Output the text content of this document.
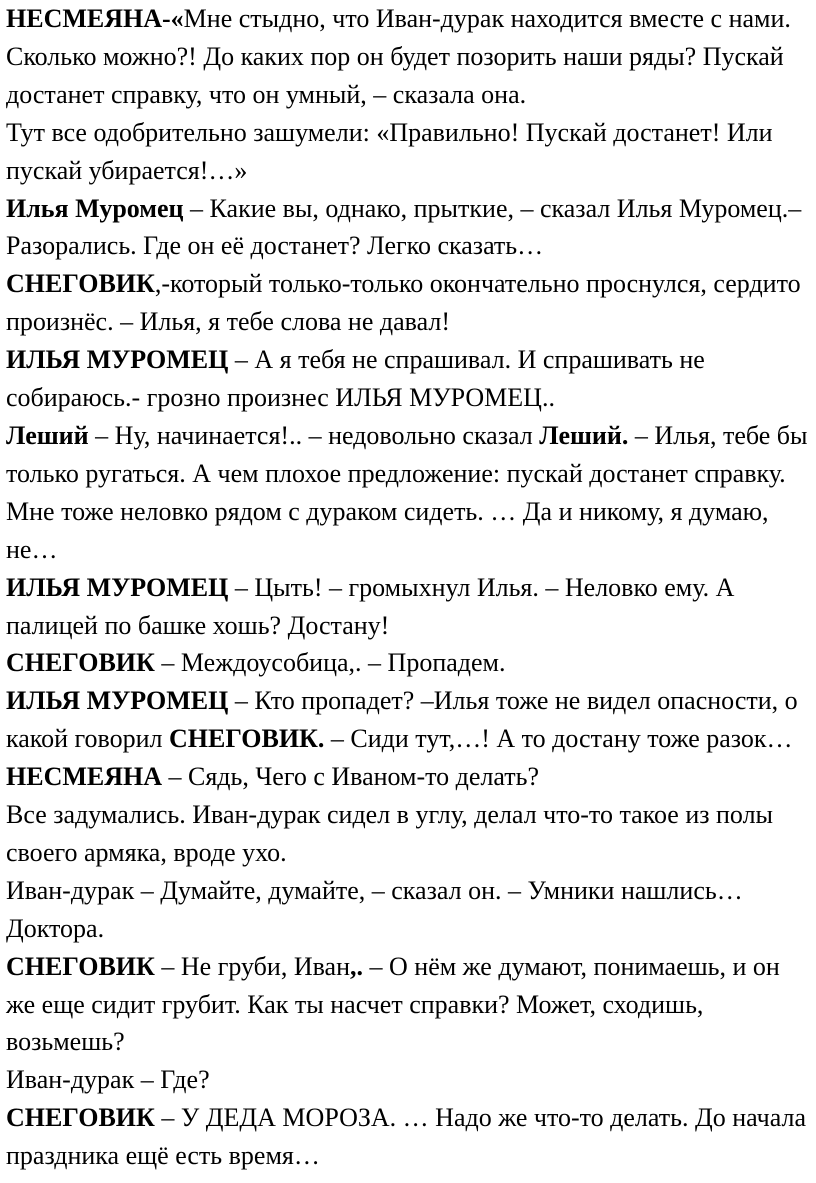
НЕСМЕЯНА-«Мне стыдно, что Иван-дурак находится вместе с нами. Сколько можно?! До каких пор он будет позорить наши ряды? Пускай достанет справку, что он умный, – сказала она.

Тут все одобрительно зашумели: «Правильно! Пускай достанет! Или пускай убирается!…»

Илья Муромец – Какие вы, однако, прыткие, – сказал Илья Муромец.– Разорались. Где он её достанет? Легко сказать…

СНЕГОВИК,-который только-только окончательно проснулся, сердито произнёс. – Илья, я тебе слова не давал!

ИЛЬЯ МУРОМЕЦ – А я тебя не спрашивал. И спрашивать не собираюсь.- грозно произнес ИЛЬЯ МУРОМЕЦ..

Леший – Ну, начинается!.. – недовольно сказал Леший. – Илья, тебе бы только ругаться. А чем плохое предложение: пускай достанет справку. Мне тоже неловко рядом с дураком сидеть. … Да и никому, я думаю, не…

ИЛЬЯ МУРОМЕЦ – Цыть! – громыхнул Илья. – Неловко ему. А палицей по башке хошь? Достану!

СНЕГОВИК – Междоусобица,. – Пропадем.

ИЛЬЯ МУРОМЕЦ – Кто пропадет? –Илья тоже не видел опасности, о какой говорил СНЕГОВИК. – Сиди тут,…! А то достану тоже разок…

НЕСМЕЯНА – Сядь, Чего с Иваном-то делать?

Все задумались. Иван-дурак сидел в углу, делал что-то такое из полы своего армяка, вроде ухо.

Иван-дурак – Думайте, думайте, – сказал он. – Умники нашлись… Доктора.

СНЕГОВИК – Не груби, Иван,. – О нём же думают, понимаешь, и он же еще сидит грубит. Как ты насчет справки? Может, сходишь, возьмешь?

Иван-дурак – Где?

СНЕГОВИК – У ДЕДА МОРОЗА. … Надо же что-то делать. До начала праздника ещё есть время…
